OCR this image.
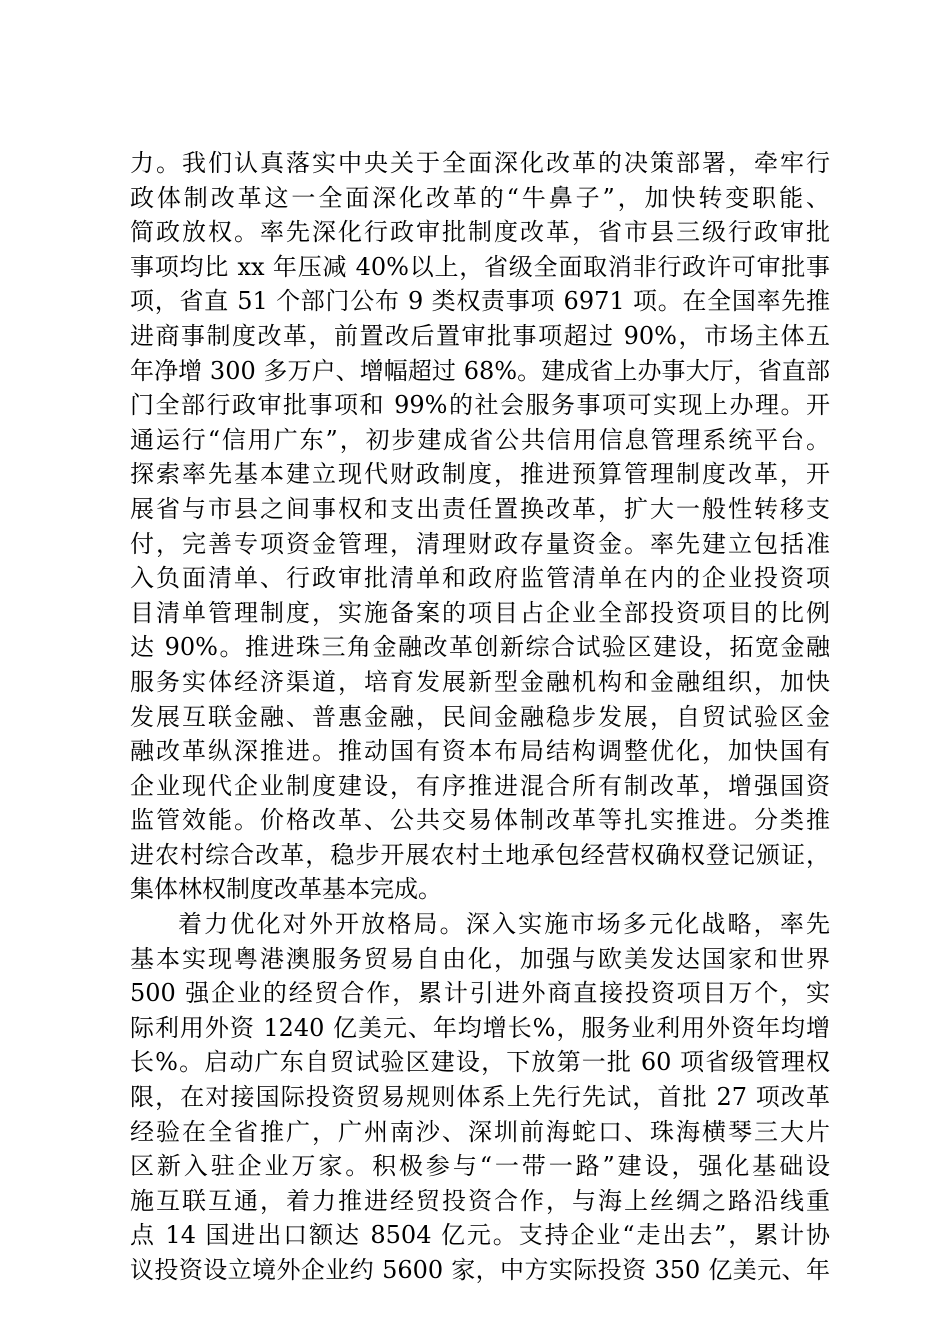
力。我们认真落实中央关于全面深化改革的决策部署，牵牢行
政体制改革这一全面深化改革的“牛鼻子”，加快转变职能、
简政放权。率先深化行政审批制度改革，省市县三级行政审批
事项均比 xx 年压减 40%以上，省级全面取消非行政许可审批事
项，省直 51 个部门公布 9 类权责事项 6971 项。在全国率先推
进商事制度改革，前置改后置审批事项超过 90%，市场主体五
年净增 300 多万户、增幅超过 68%。建成省上办事大厅，省直部
门全部行政审批事项和 99%的社会服务事项可实现上办理。开
通运行“信用广东”，初步建成省公共信用信息管理系统平台。
探索率先基本建立现代财政制度，推进预算管理制度改革，开
展省与市县之间事权和支出责任置换改革，扩大一般性转移支
付，完善专项资金管理，清理财政存量资金。率先建立包括准
入负面清单、行政审批清单和政府监管清单在内的企业投资项
目清单管理制度，实施备案的项目占企业全部投资项目的比例
达 90%。推进珠三角金融改革创新综合试验区建设，拓宽金融
服务实体经济渠道，培育发展新型金融机构和金融组织，加快
发展互联金融、普惠金融，民间金融稳步发展，自贸试验区金
融改革纵深推进。推动国有资本布局结构调整优化，加快国有
企业现代企业制度建设，有序推进混合所有制改革，增强国资
监管效能。价格改革、公共交易体制改革等扎实推进。分类推
进农村综合改革，稳步开展农村土地承包经营权确权登记颁证，
集体林权制度改革基本完成。
着力优化对外开放格局。深入实施市场多元化战略，率先
基本实现粤港澳服务贸易自由化，加强与欧美发达国家和世界
500 强企业的经贸合作，累计引进外商直接投资项目万个，实
际利用外资 1240 亿美元、年均增长%，服务业利用外资年均增
长%。启动广东自贸试验区建设，下放第一批 60 项省级管理权
限，在对接国际投资贸易规则体系上先行先试，首批 27 项改革
经验在全省推广，广州南沙、深圳前海蛇口、珠海横琴三大片
区新入驻企业万家。积极参与“一带一路”建设，强化基础设
施互联互通，着力推进经贸投资合作，与海上丝绸之路沿线重
点 14 国进出口额达 8504 亿元。支持企业“走出去”，累计协
议投资设立境外企业约 5600 家，中方实际投资 350 亿美元、年
